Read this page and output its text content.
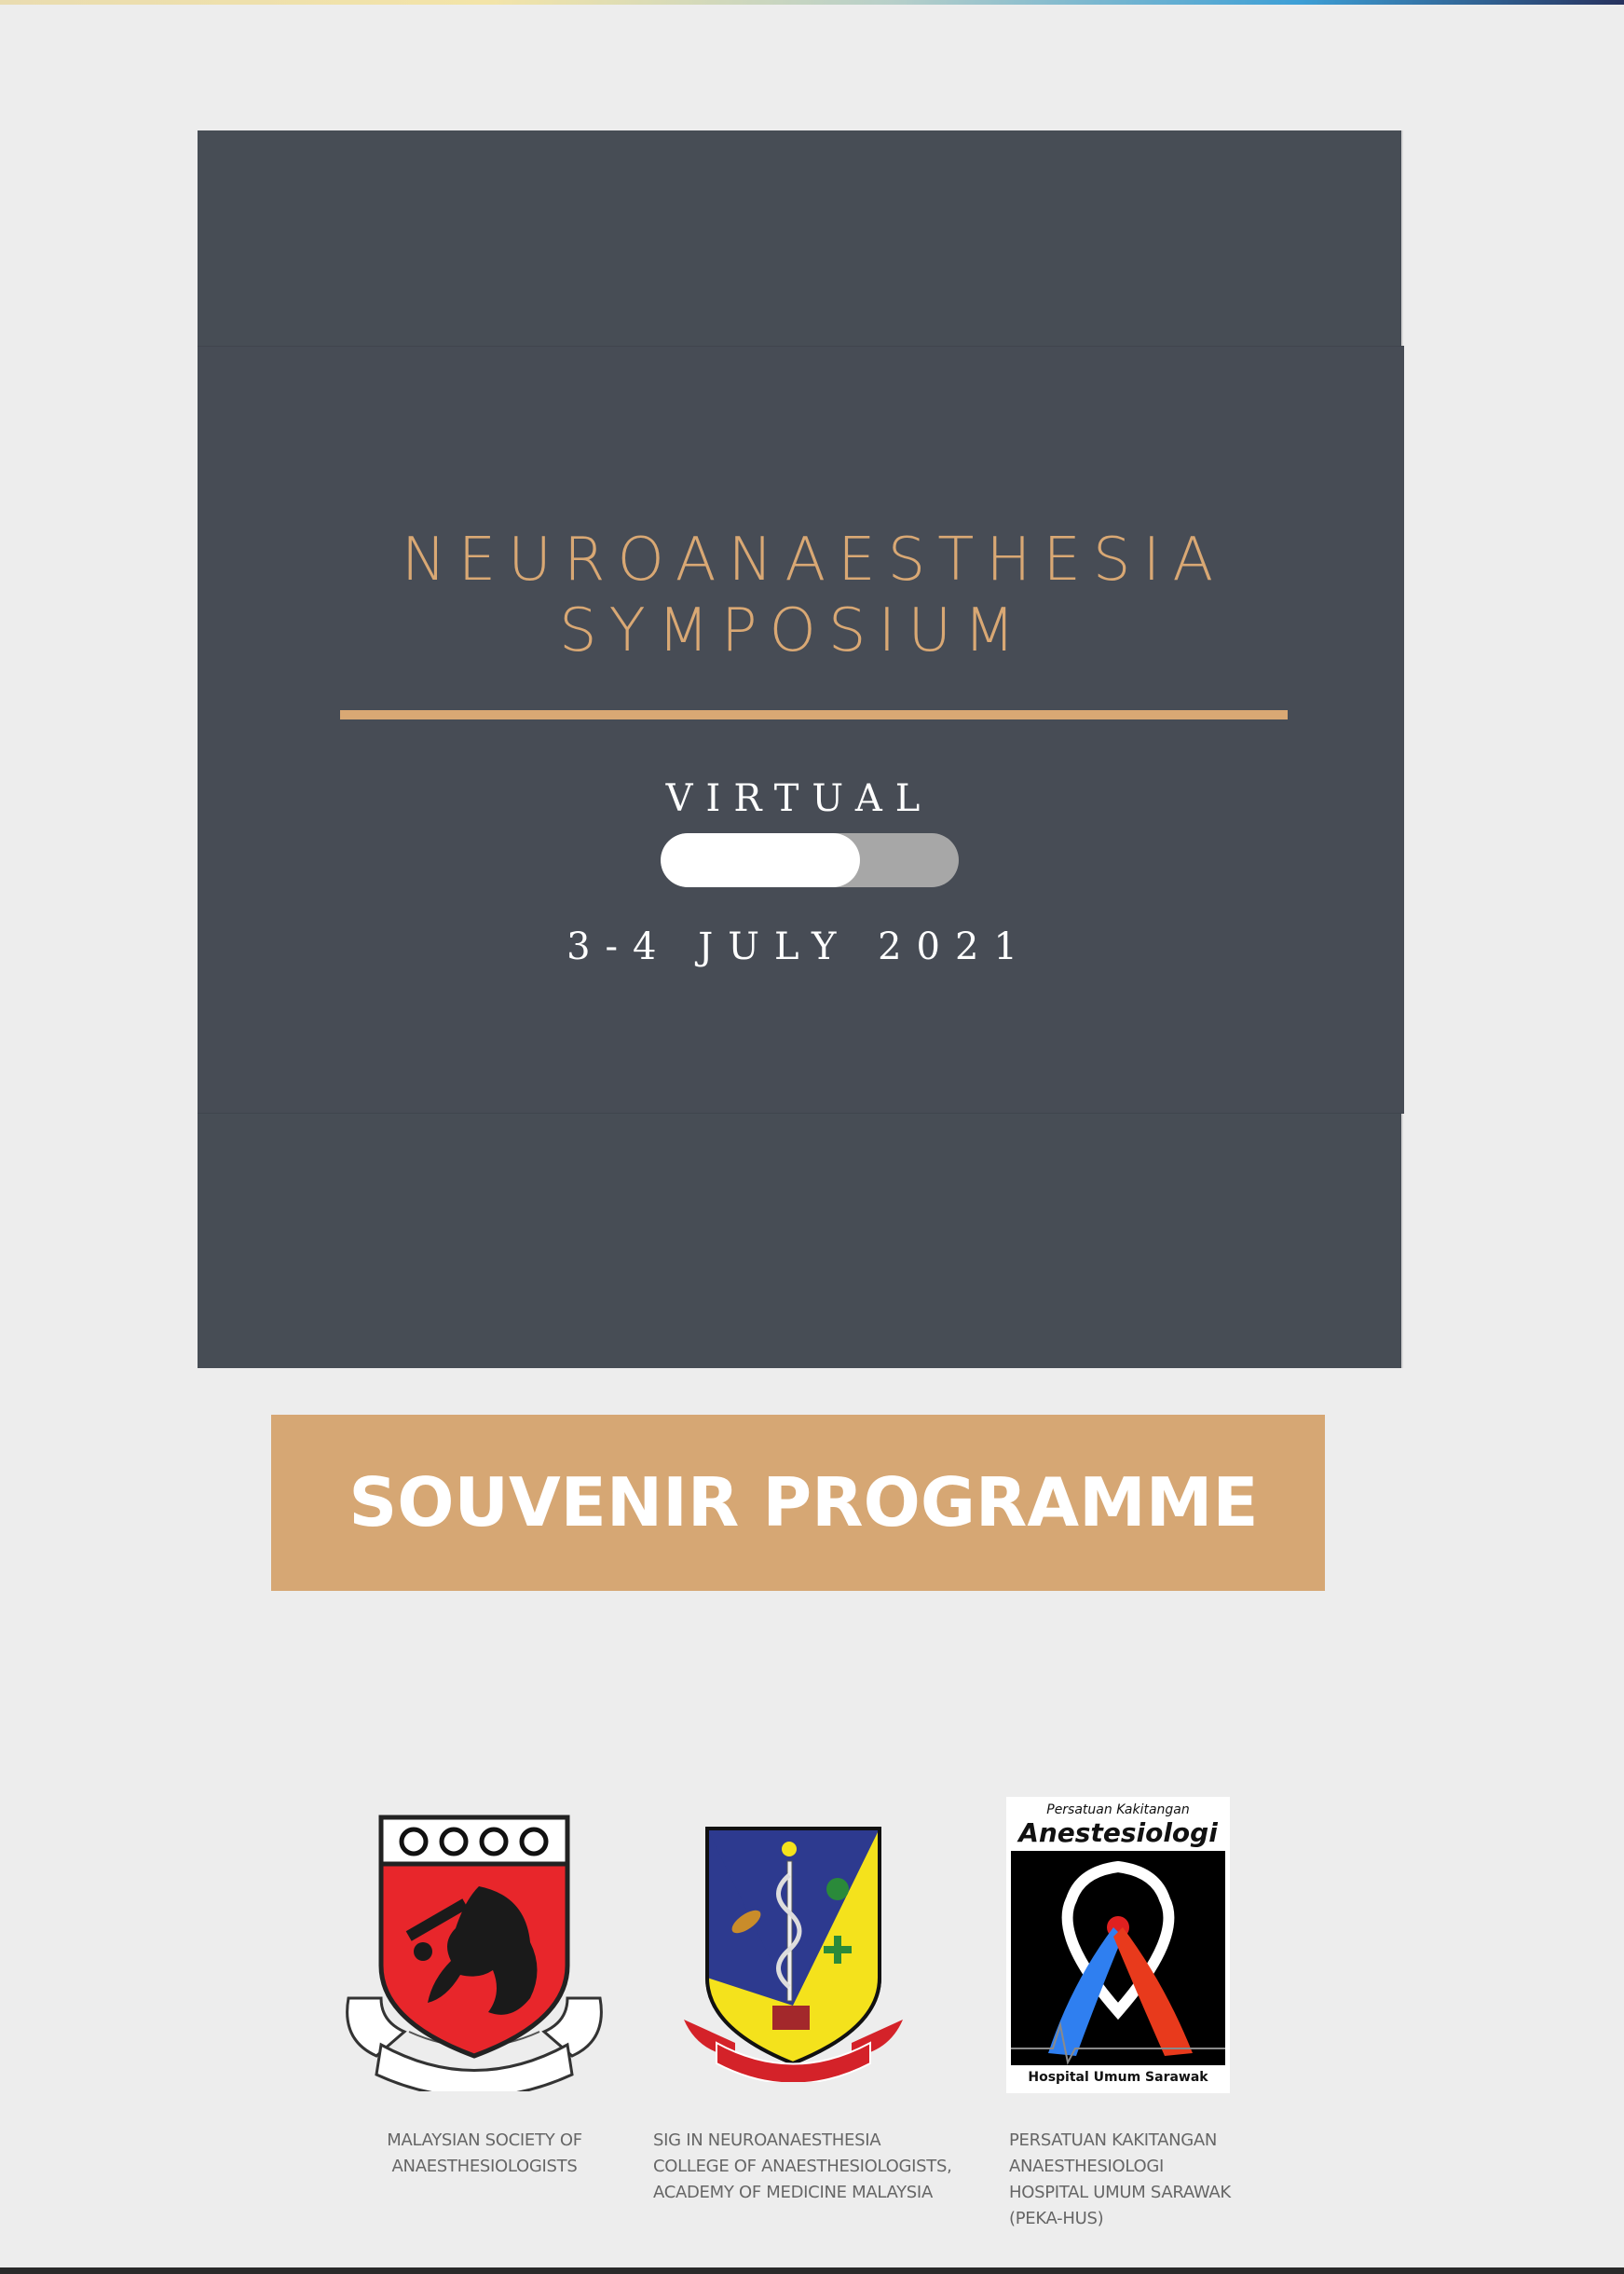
NEUROANAESTHESIA
SYMPOSIUM
VIRTUAL
3-4 JULY 2021
SOUVENIR PROGRAMME
Persatuan Kakitangan
Anestesiologi
Hospital Umum Sarawak
MALAYSIAN SOCIETY OF
ANAESTHESIOLOGISTS
SIG IN NEUROANAESTHESIA
COLLEGE OF ANAESTHESIOLOGISTS,
ACADEMY OF MEDICINE MALAYSIA
PERSATUAN KAKITANGAN
ANAESTHESIOLOGI
HOSPITAL UMUM SARAWAK
(PEKA-HUS)
